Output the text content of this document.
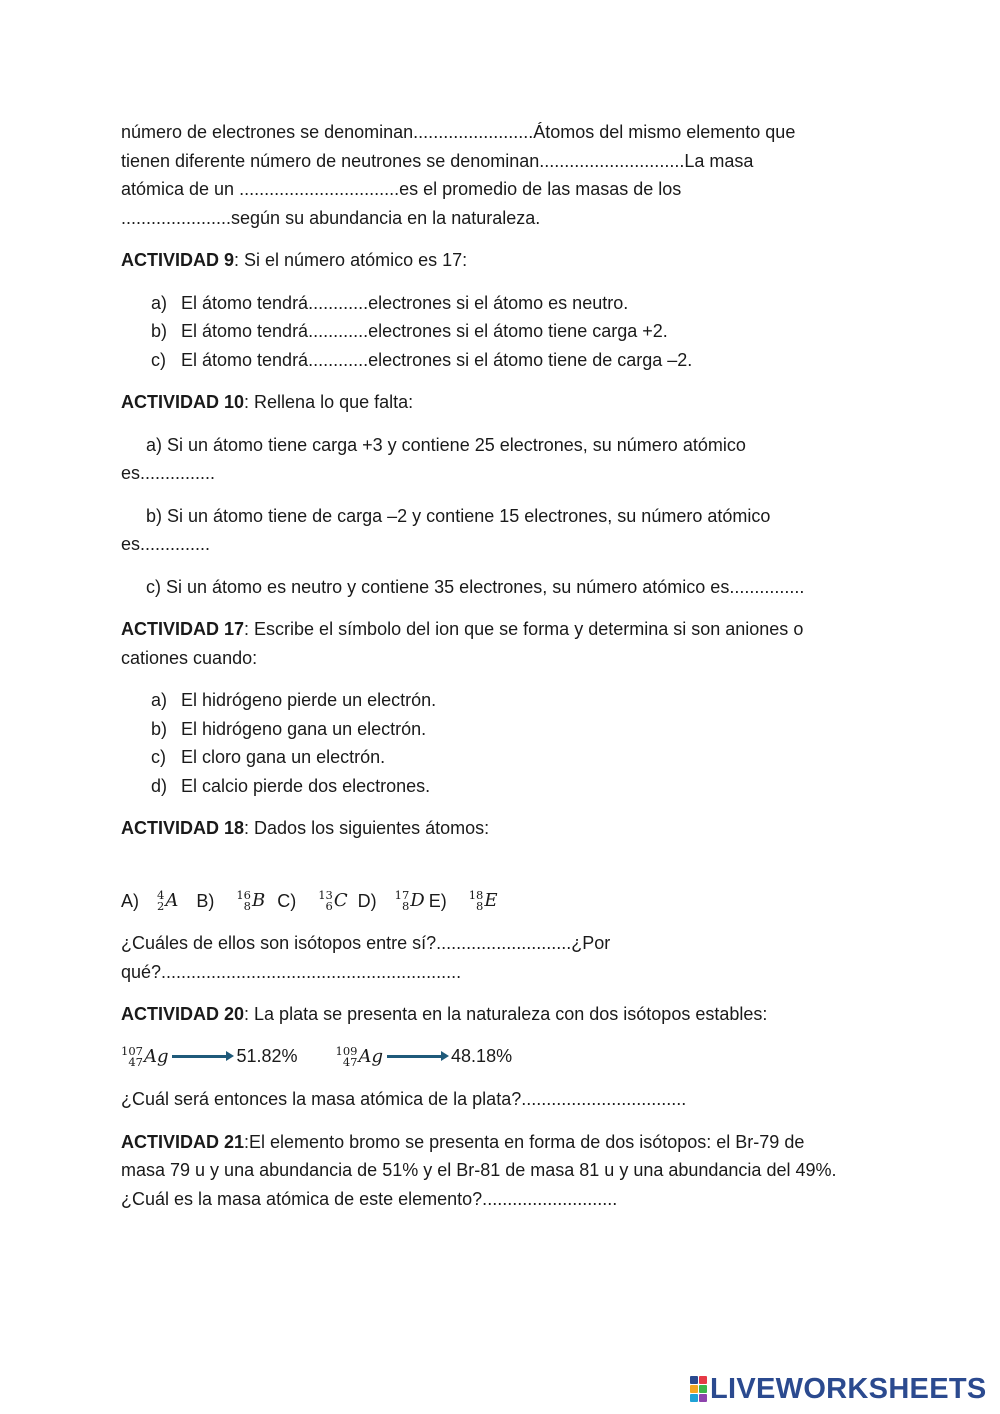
número de electrones se denominan........................Átomos del mismo elemento que

tienen diferente número de neutrones se denominan.............................La masa

atómica de un ................................es el promedio de las masas de los

......................según su abundancia en la naturaleza.

ACTIVIDAD 9: Si el número atómico es 17:

a) El átomo tendrá............electrones si el átomo es neutro.
b) El átomo tendrá............electrones si el átomo tiene carga +2.
c) El átomo tendrá............electrones si el átomo tiene de carga –2.

ACTIVIDAD 10: Rellena lo que falta:

a) Si un átomo tiene carga +3 y contiene 25 electrones, su número atómico

es...............

b) Si un átomo tiene de carga –2 y contiene 15 electrones, su número atómico

es..............

c) Si un átomo es neutro y contiene 35 electrones, su número atómico es...............

ACTIVIDAD 17: Escribe el símbolo del ion que se forma y determina si son aniones o

cationes cuando:

a) El hidrógeno pierde un electrón.
b) El hidrógeno gana un electrón.
c) El cloro gana un electrón.
d) El calcio pierde dos electrones.

ACTIVIDAD 18: Dados los siguientes átomos:

A) 4
2 A B) 16
8 B C) 13
6 C D) 17
8 D E) 18
8 E

¿Cuáles de ellos son isótopos entre sí?...........................¿Por

qué?............................................................

ACTIVIDAD 20: La plata se presenta en la naturaleza con dos isótopos estables:

107
47 Ag	51.82%	109
47 Ag	48.18%

¿Cuál será entonces la masa atómica de la plata?.................................

ACTIVIDAD 21:El elemento bromo se presenta en forma de dos isótopos: el Br-79 de

masa 79 u y una abundancia de 51% y el Br-81 de masa 81 u y una abundancia del 49%.

¿Cuál es la masa atómica de este elemento?...........................

LIVEWORKSHEETS
